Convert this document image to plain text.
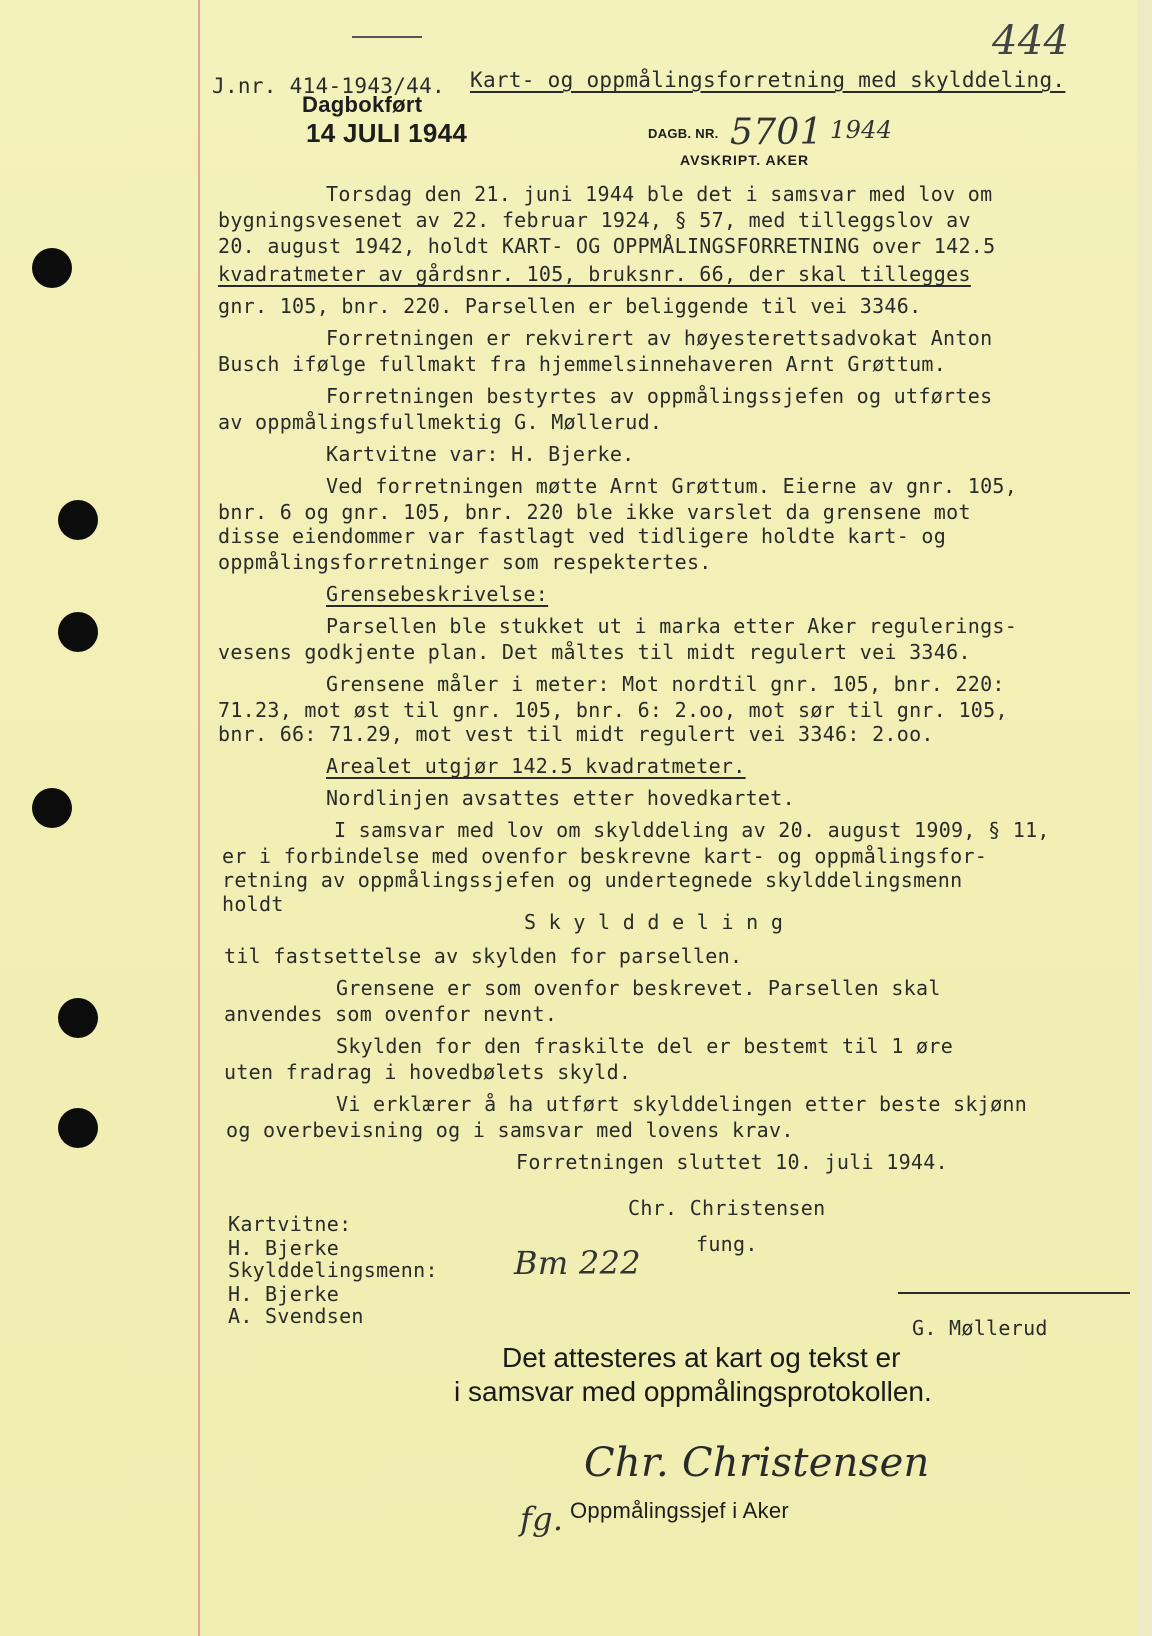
444
J.nr. 414-1943/44. Kart- og oppmålingsforretning med skylddeling.
Dagbokført
14 JULI 1944	DAGB. NR. 5701 1944
AVSKRIPT. AKER
Torsdag den 21. juni 1944 ble det i samsvar med lov om
bygningsvesenet av 22. februar 1924, § 57, med tilleggslov av
20. august 1942, holdt KART- OG OPPMÅLINGSFORRETNING over 142.5
kvadratmeter av gårdsnr. 105, bruksnr. 66, der skal tillegges
gnr. 105, bnr. 220. Parsellen er beliggende til vei 3346.
Forretningen er rekvirert av høyesterettsadvokat Anton
Busch ifølge fullmakt fra hjemmelsinnehaveren Arnt Grøttum.
Forretningen bestyrtes av oppmålingssjefen og utførtes
av oppmålingsfullmektig G. Møllerud.
Kartvitne var: H. Bjerke.
Ved forretningen møtte Arnt Grøttum. Eierne av gnr. 105,
bnr. 6 og gnr. 105, bnr. 220 ble ikke varslet da grensene mot
disse eiendommer var fastlagt ved tidligere holdte kart- og
oppmålingsforretninger som respektertes.
Grensebeskrivelse:
Parsellen ble stukket ut i marka etter Aker regulerings-
vesens godkjente plan. Det måltes til midt regulert vei 3346.
Grensene måler i meter: Mot nordtil gnr. 105, bnr. 220:
71.23, mot øst til gnr. 105, bnr. 6: 2.oo, mot sør til gnr. 105,
bnr. 66: 71.29, mot vest til midt regulert vei 3346: 2.oo.
Arealet utgjør 142.5 kvadratmeter.
Nordlinjen avsattes etter hovedkartet.
I samsvar med lov om skylddeling av 20. august 1909, § 11,
er i forbindelse med ovenfor beskrevne kart- og oppmålingsfor-
retning av oppmålingssjefen og undertegnede skylddelingsmenn
holdt
S k y l d d e l i n g
til fastsettelse av skylden for parsellen.
Grensene er som ovenfor beskrevet. Parsellen skal
anvendes som ovenfor nevnt.
Skylden for den fraskilte del er bestemt til 1 øre
uten fradrag i hovedbølets skyld.
Vi erklærer å ha utført skylddelingen etter beste skjønn
og overbevisning og i samsvar med lovens krav.
Forretningen sluttet 10. juli 1944.
Chr. Christensen
fung.
Bm 222
Kartvitne:
H. Bjerke
Skylddelingsmenn:
H. Bjerke
A. Svendsen	G. Møllerud
Det attesteres at kart og tekst er
i samsvar med oppmålingsprotokollen.
Chr. Christensen
fg. Oppmålingssjef i Aker
